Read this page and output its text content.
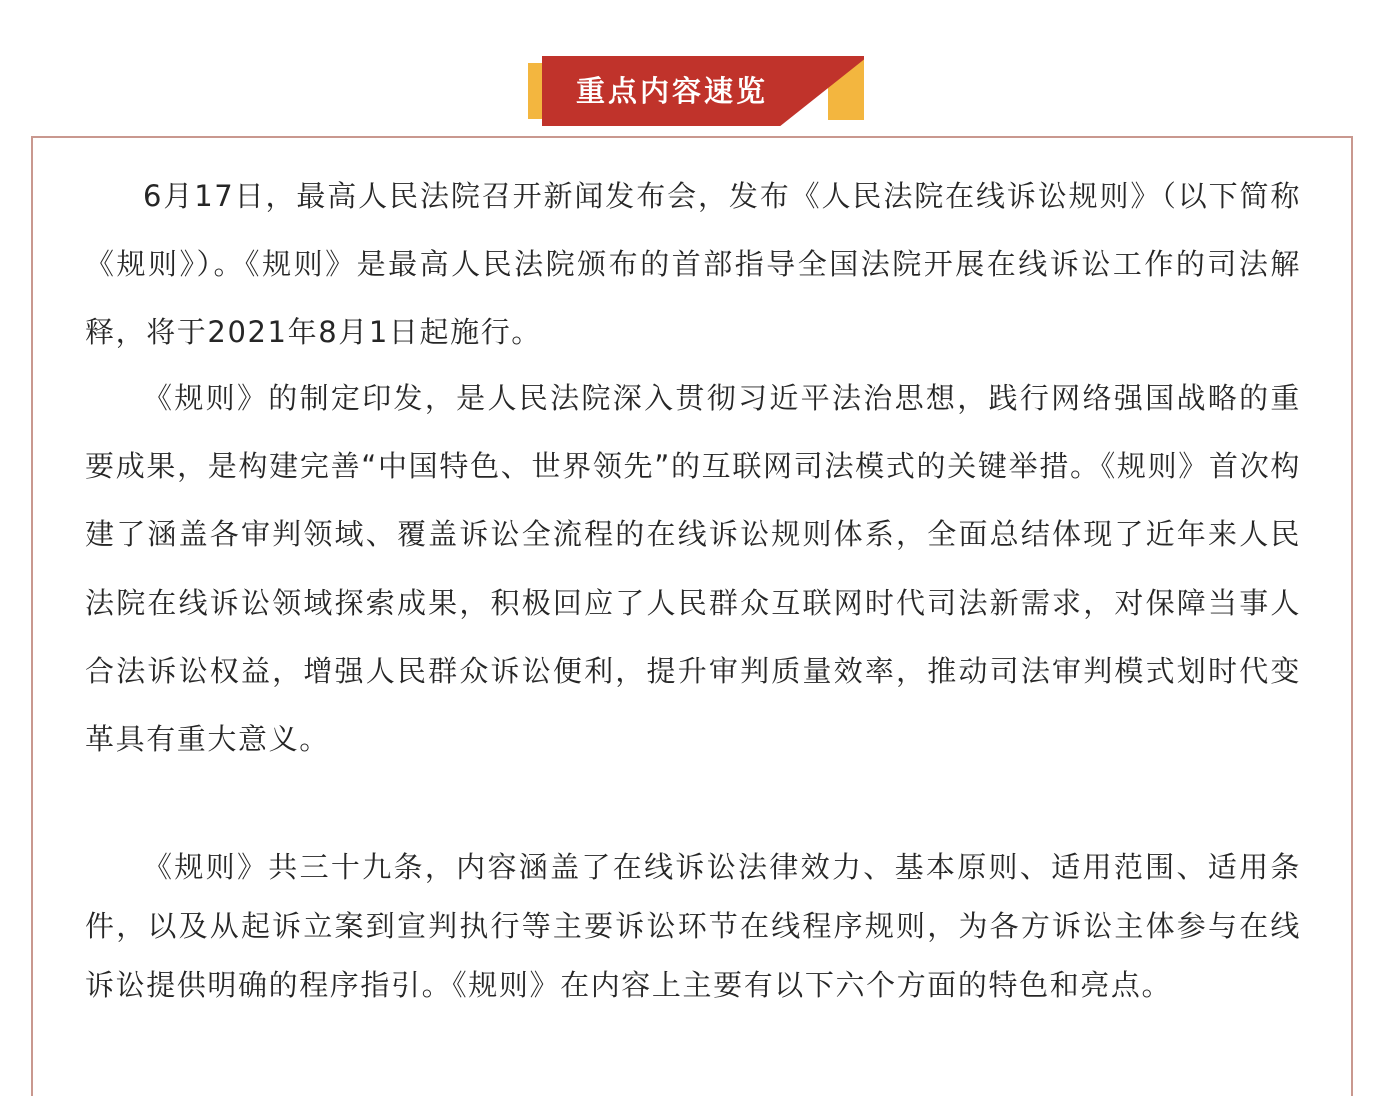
重点内容速览

6月17日，最高人民法院召开新闻发布会，发布《人民法院在线诉讼规则》（以下简称《规则》）。《规则》是最高人民法院颁布的首部指导全国法院开展在线诉讼工作的司法解释，将于2021年8月1日起施行。

《规则》的制定印发，是人民法院深入贯彻习近平法治思想，践行网络强国战略的重要成果，是构建完善“中国特色、世界领先”的互联网司法模式的关键举措。《规则》首次构建了涵盖各审判领域、覆盖诉讼全流程的在线诉讼规则体系，全面总结体现了近年来人民法院在线诉讼领域探索成果，积极回应了人民群众互联网时代司法新需求，对保障当事人合法诉讼权益，增强人民群众诉讼便利，提升审判质量效率，推动司法审判模式划时代变革具有重大意义。

《规则》共三十九条，内容涵盖了在线诉讼法律效力、基本原则、适用范围、适用条件，以及从起诉立案到宣判执行等主要诉讼环节在线程序规则，为各方诉讼主体参与在线诉讼提供明确的程序指引。《规则》在内容上主要有以下六个方面的特色和亮点。
